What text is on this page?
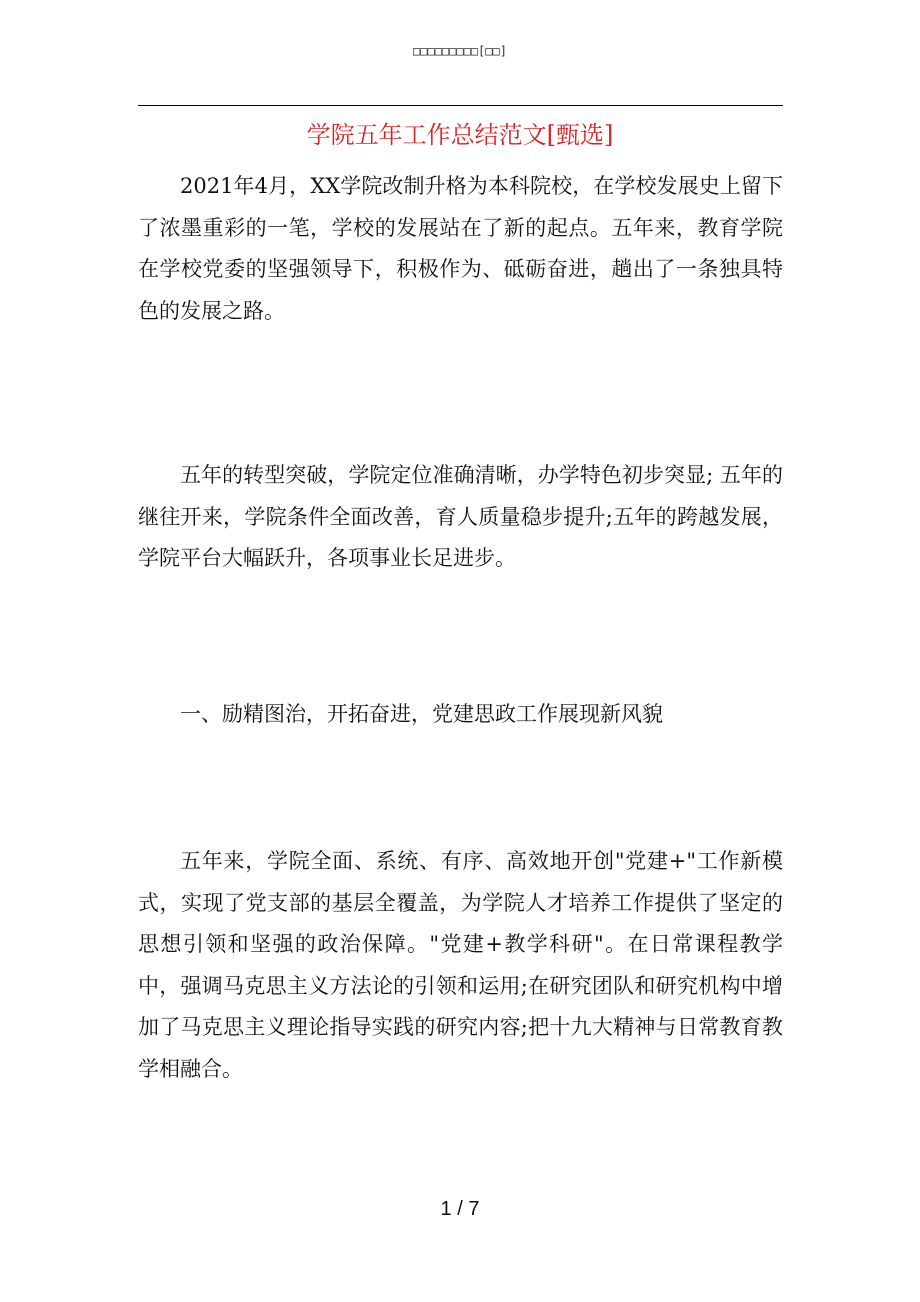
□□□□□□□□□[□□]
学院五年工作总结范文[甄选]

2021年4月，XX学院改制升格为本科院校，在学校发展史上留下了浓墨重彩的一笔，学校的发展站在了新的起点。五年来，教育学院在学校党委的坚强领导下，积极作为、砥砺奋进，趟出了一条独具特色的发展之路。

五年的转型突破，学院定位准确清晰，办学特色初步突显; 五年的继往开来，学院条件全面改善，育人质量稳步提升;五年的跨越发展，学院平台大幅跃升，各项事业长足进步。

一、励精图治，开拓奋进，党建思政工作展现新风貌

五年来，学院全面、系统、有序、高效地开创"党建+"工作新模式，实现了党支部的基层全覆盖，为学院人才培养工作提供了坚定的思想引领和坚强的政治保障。"党建+教学科研"。在日常课程教学中，强调马克思主义方法论的引领和运用;在研究团队和研究机构中增加了马克思主义理论指导实践的研究内容;把十九大精神与日常教育教学相融合。

1 / 7
